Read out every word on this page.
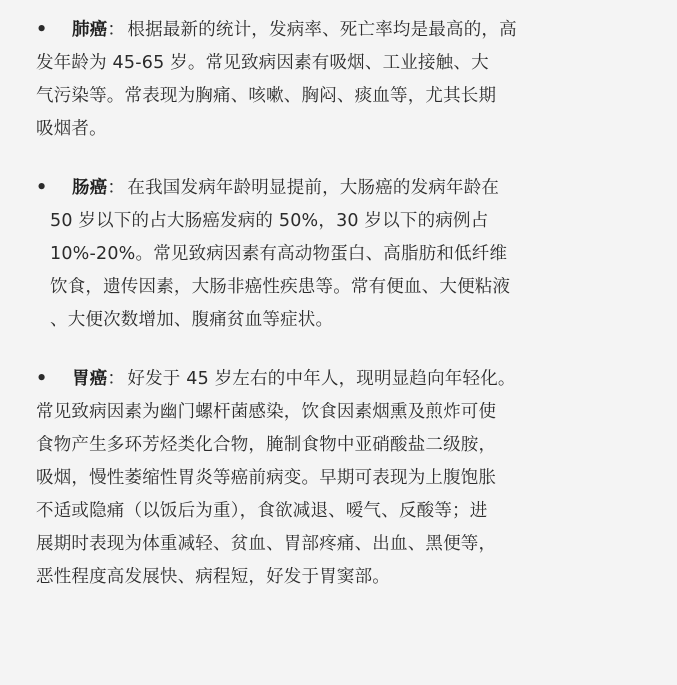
• 肺癌： 根据最新的统计，发病率、死亡率均是最高的，高
发年龄为 45-65 岁。常见致病因素有吸烟、工业接触、大
气污染等。常表现为胸痛、咳嗽、胸闷、痰血等，尤其长期
吸烟者。
• 肠癌： 在我国发病年龄明显提前，大肠癌的发病年龄在
50 岁以下的占大肠癌发病的 50%，30 岁以下的病例占
10%-20%。常见致病因素有高动物蛋白、高脂肪和低纤维
饮食，遗传因素，大肠非癌性疾患等。常有便血、大便粘液
、大便次数增加、腹痛贫血等症状。
• 胃癌： 好发于 45 岁左右的中年人，现明显趋向年轻化。
常见致病因素为幽门螺杆菌感染，饮食因素烟熏及煎炸可使
食物产生多环芳烃类化合物，腌制食物中亚硝酸盐二级胺，
吸烟，慢性萎缩性胃炎等癌前病变。早期可表现为上腹饱胀
不适或隐痛（以饭后为重），食欲减退、嗳气、反酸等；进
展期时表现为体重减轻、贫血、胃部疼痛、出血、黑便等，
恶性程度高发展快、病程短，好发于胃窦部。
